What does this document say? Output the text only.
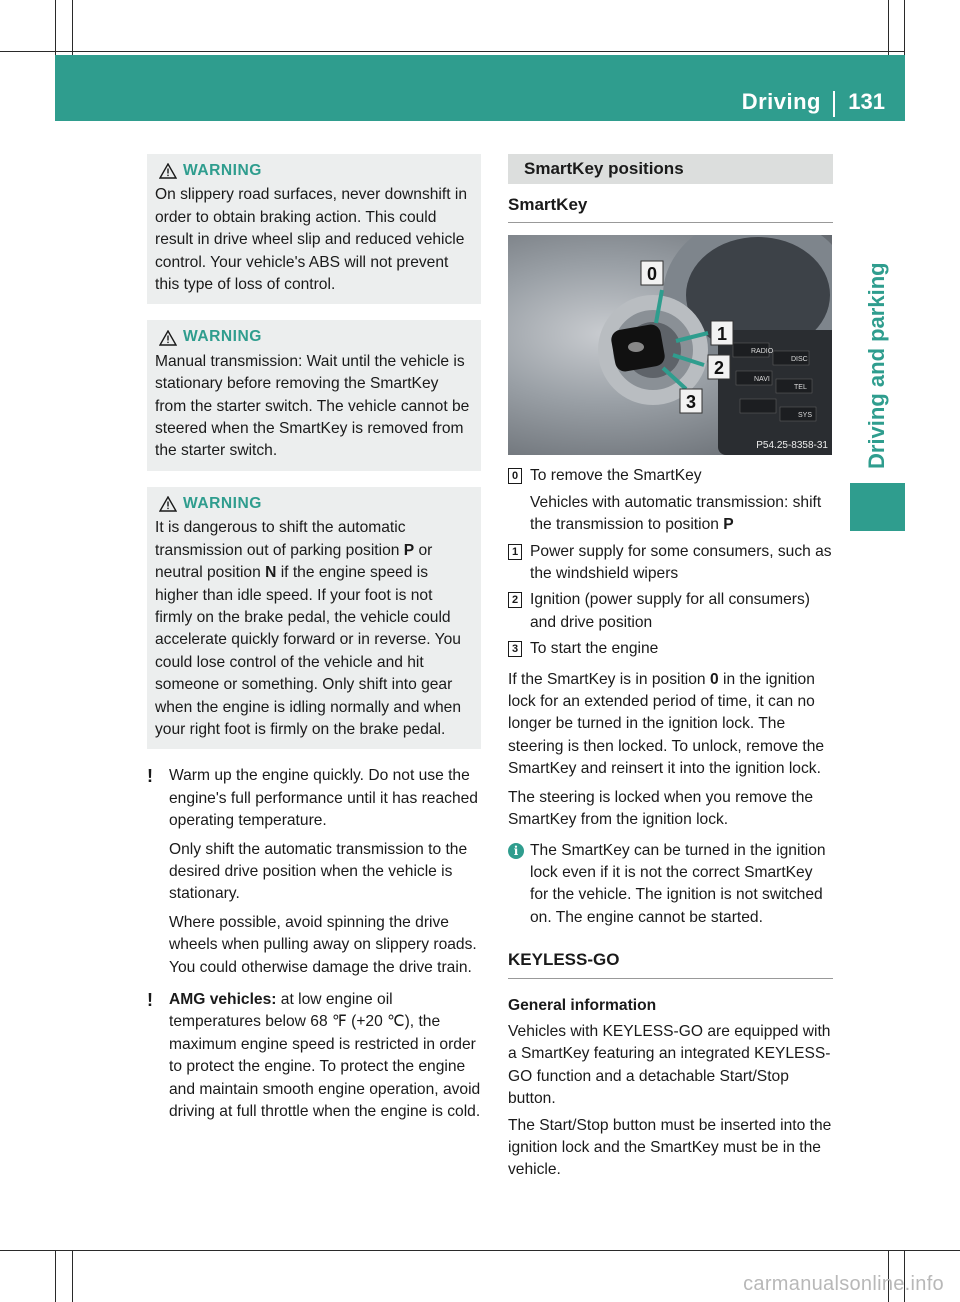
Driving 131
Driving and parking
WARNING

On slippery road surfaces, never downshift in order to obtain braking action. This could result in drive wheel slip and reduced vehicle control. Your vehicle's ABS will not prevent this type of loss of control.

WARNING

Manual transmission: Wait until the vehicle is stationary before removing the SmartKey from the starter switch. The vehicle cannot be steered when the SmartKey is removed from the starter switch.

WARNING

It is dangerous to shift the automatic transmission out of parking position P or neutral position N if the engine speed is higher than idle speed. If your foot is not firmly on the brake pedal, the vehicle could accelerate quickly forward or in reverse. You could lose control of the vehicle and hit someone or something. Only shift into gear when the engine is idling normally and when your right foot is firmly on the brake pedal.

! Warm up the engine quickly. Do not use the engine's full performance until it has reached operating temperature.

Only shift the automatic transmission to the desired drive position when the vehicle is stationary.

Where possible, avoid spinning the drive wheels when pulling away on slippery roads. You could otherwise damage the drive train.

! AMG vehicles: at low engine oil temperatures below 68 ℉ (+20 ℃), the maximum engine speed is restricted in order to protect the engine. To protect the engine and maintain smooth engine operation, avoid driving at full throttle when the engine is cold.

SmartKey positions
SmartKey
0
1
2
3
RADIO
DISC
NAVI
TEL
SYS
P54.25-8358-31
0 To remove the SmartKey

Vehicles with automatic transmission: shift the transmission to position P

1 Power supply for some consumers, such as the windshield wipers

2 Ignition (power supply for all consumers) and drive position

3 To start the engine

If the SmartKey is in position 0 in the ignition lock for an extended period of time, it can no longer be turned in the ignition lock. The steering is then locked. To unlock, remove the SmartKey and reinsert it into the ignition lock.

The steering is locked when you remove the SmartKey from the ignition lock.

i The SmartKey can be turned in the ignition lock even if it is not the correct SmartKey for the vehicle. The ignition is not switched on. The engine cannot be started.

KEYLESS-GO

General information

Vehicles with KEYLESS-GO are equipped with a SmartKey featuring an integrated KEYLESS-GO function and a detachable Start/Stop button.

The Start/Stop button must be inserted into the ignition lock and the SmartKey must be in the vehicle.

carmanualsonline.info
